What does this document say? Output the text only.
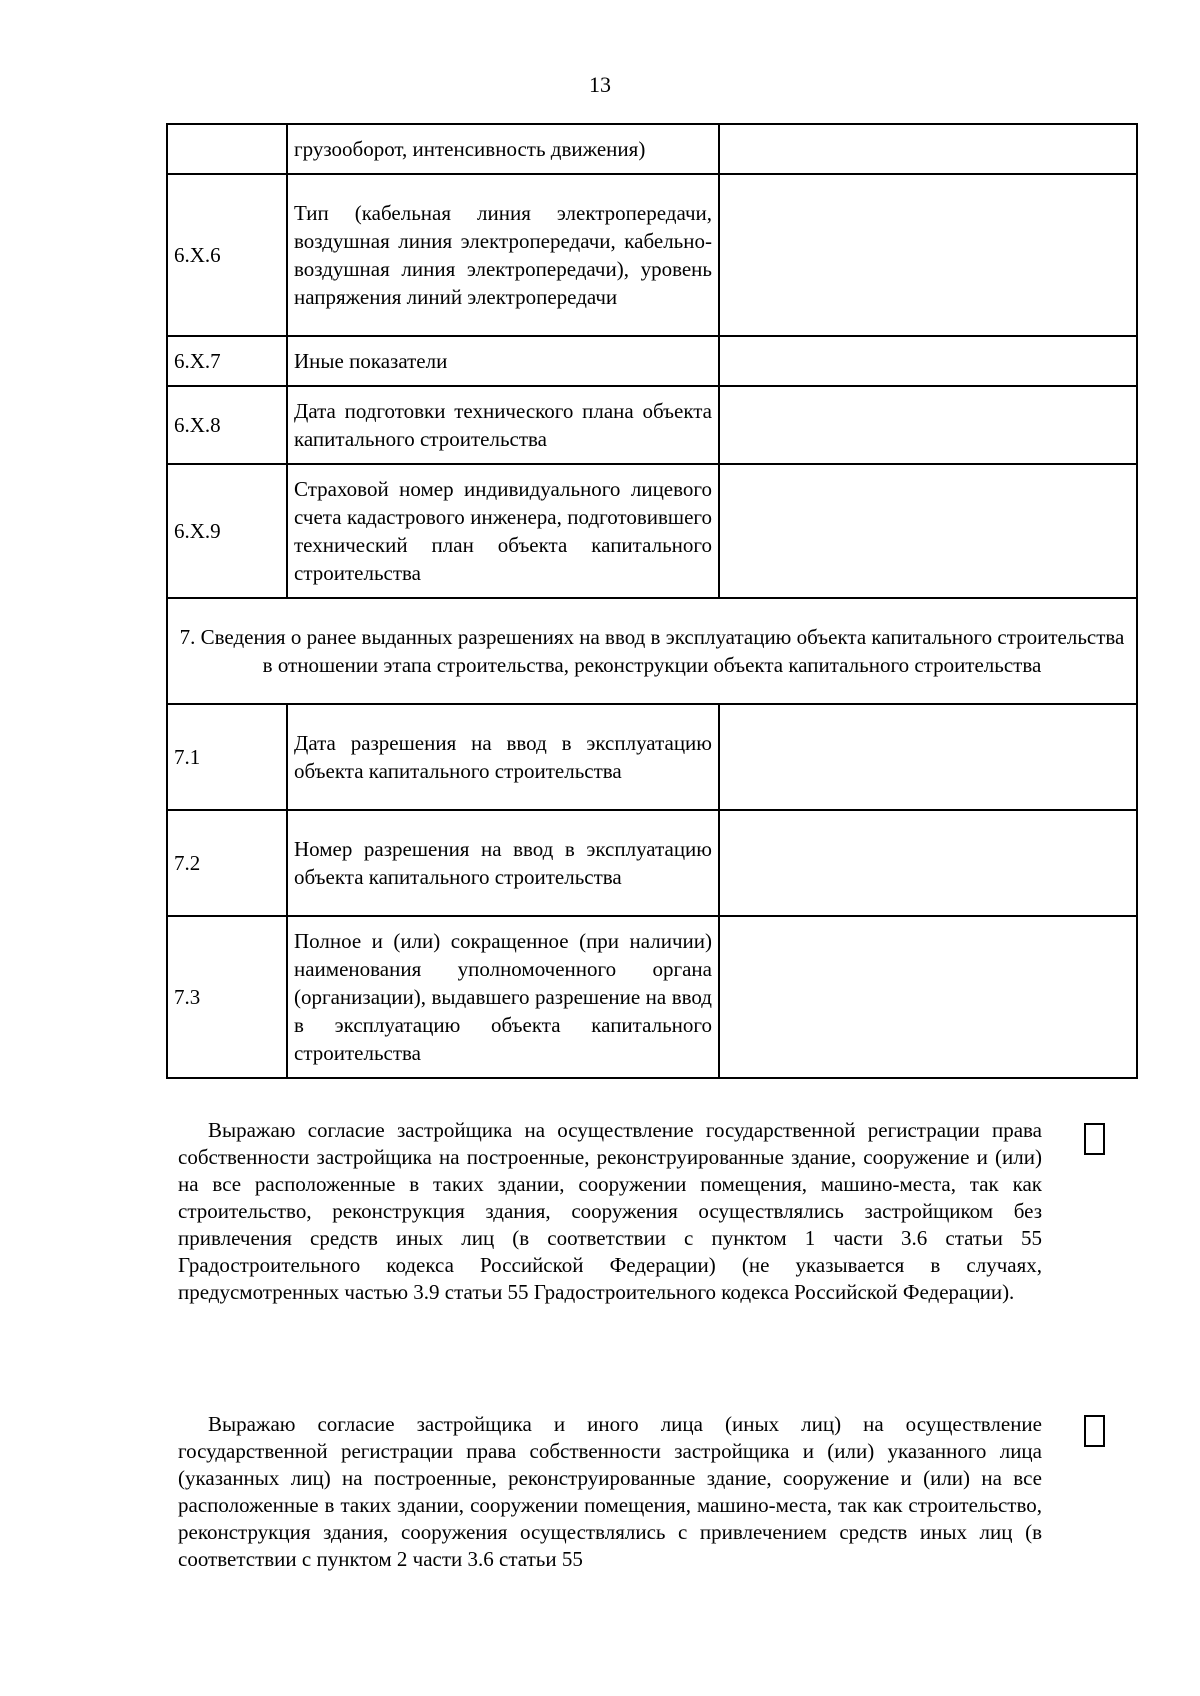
13
	грузооборот, интенсивность движения)	
6.Х.6	Тип (кабельная линия электропередачи, воздушная линия электропередачи, кабельно-воздушная линия электропередачи), уровень напряжения линий электропередачи	
6.Х.7	Иные показатели	
6.Х.8	Дата подготовки технического плана объекта капитального строительства	
6.Х.9	Страховой номер индивидуального лицевого счета кадастрового инженера, подготовившего технический план объекта капитального строительства	
7. Сведения о ранее выданных разрешениях на ввод в эксплуатацию объекта капитального строительства в отношении этапа строительства, реконструкции объекта капитального строительства		
7.1	Дата разрешения на ввод в эксплуатацию объекта капитального строительства	
7.2	Номер разрешения на ввод в эксплуатацию объекта капитального строительства	
7.3	Полное и (или) сокращенное (при наличии) наименования уполномоченного органа (организации), выдавшего разрешение на ввод в эксплуатацию объекта капитального строительства	
Выражаю согласие застройщика на осуществление государственной регистрации права собственности застройщика на построенные, реконструированные здание, сооружение и (или) на все расположенные в таких здании, сооружении помещения, машино-места, так как строительство, реконструкция здания, сооружения осуществлялись застройщиком без привлечения средств иных лиц (в соответствии с пунктом 1 части 3.6 статьи 55 Градостроительного кодекса Российской Федерации) (не указывается в случаях, предусмотренных частью 3.9 статьи 55 Градостроительного кодекса Российской Федерации).
Выражаю согласие застройщика и иного лица (иных лиц) на осуществление государственной регистрации права собственности застройщика и (или) указанного лица (указанных лиц) на построенные, реконструированные здание, сооружение и (или) на все расположенные в таких здании, сооружении помещения, машино-места, так как строительство, реконструкция здания, сооружения осуществлялись с привлечением средств иных лиц (в соответствии с пунктом 2 части 3.6 статьи 55
